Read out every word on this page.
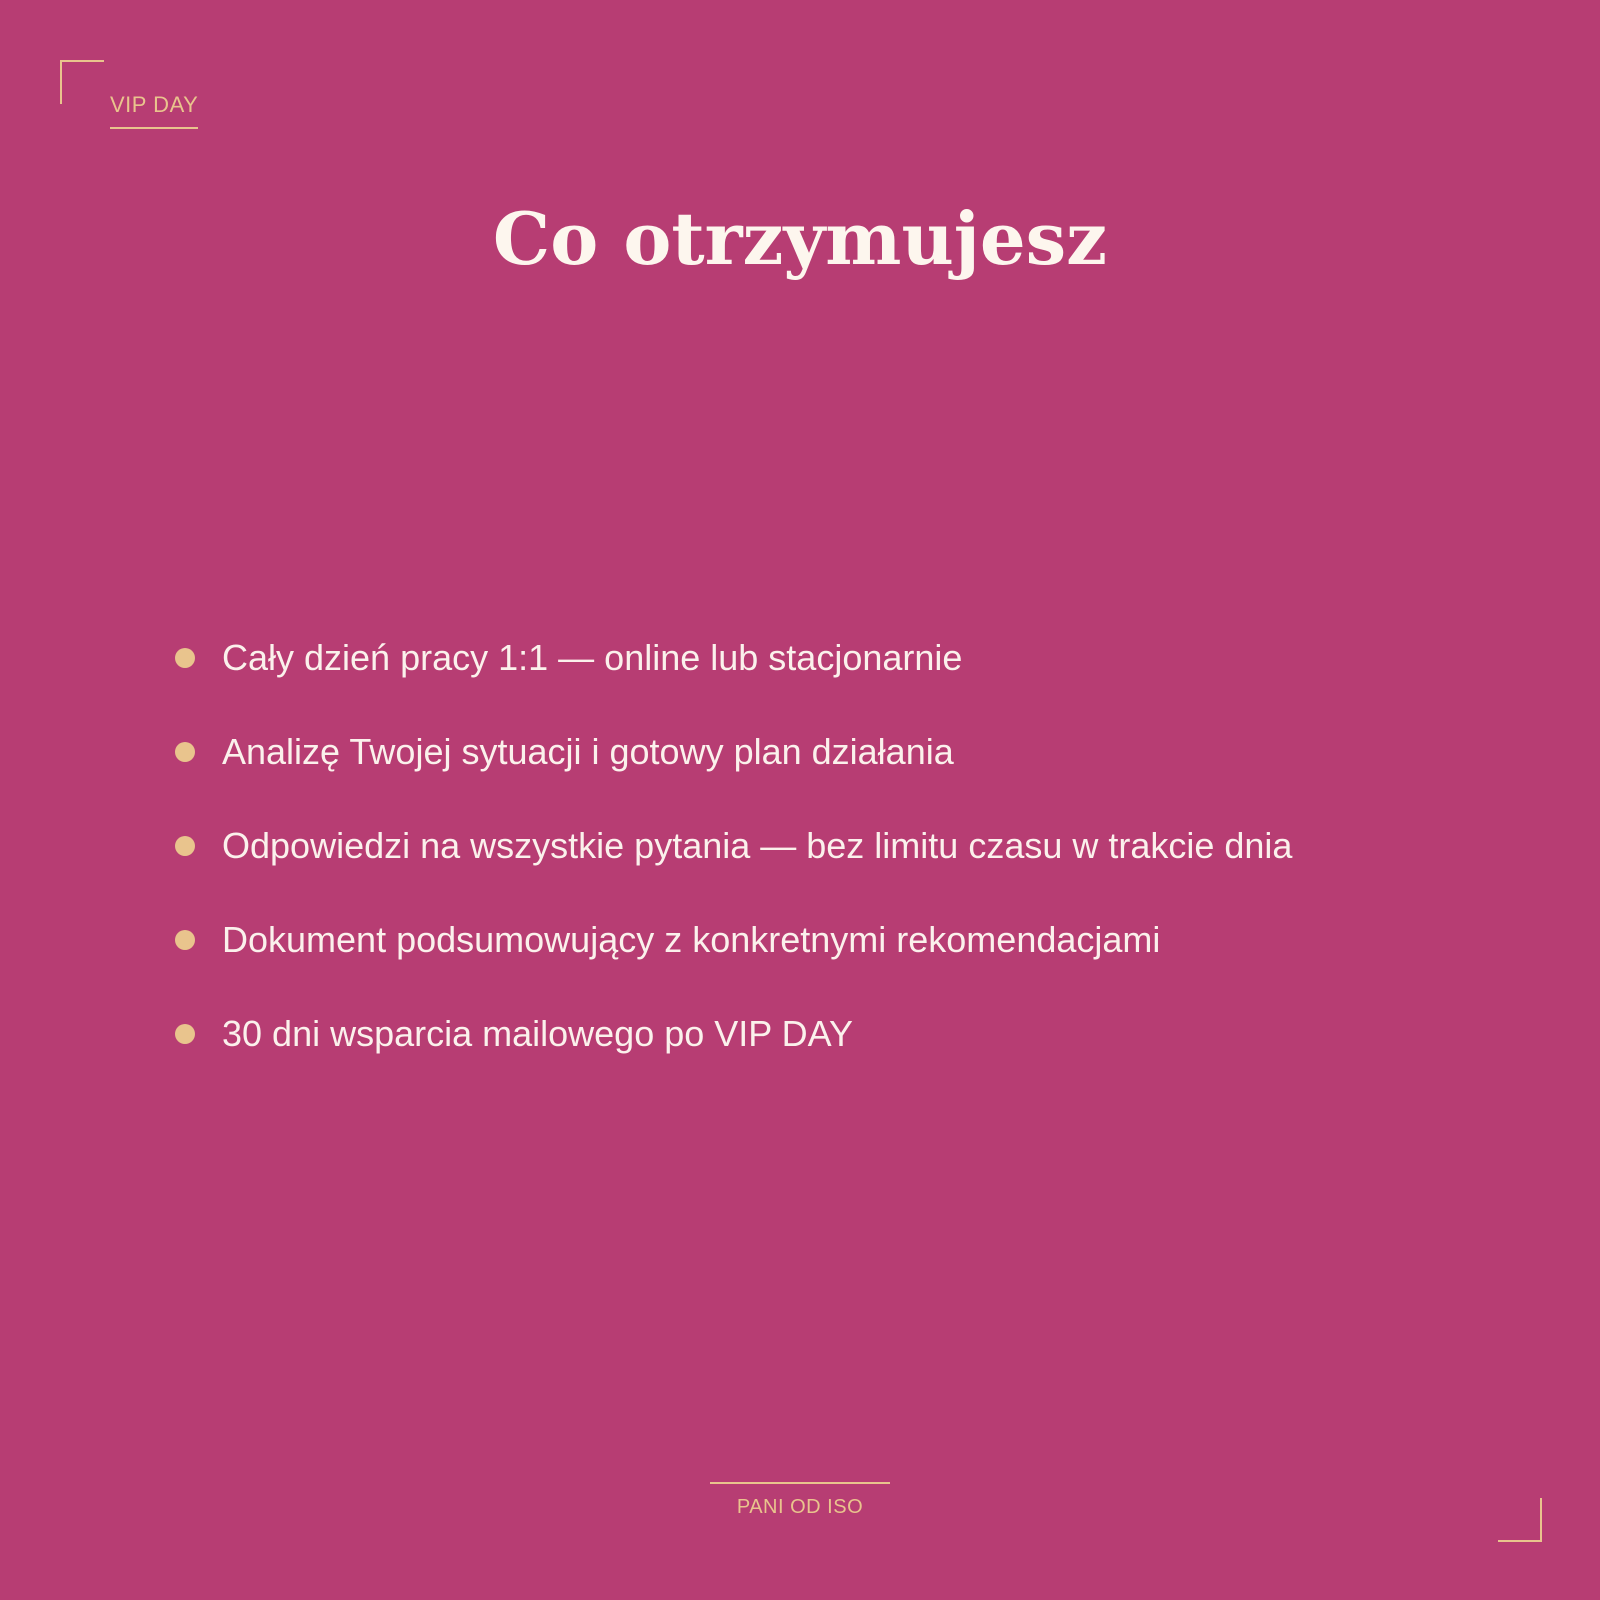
VIP DAY
Co otrzymujesz
Cały dzień pracy 1:1 — online lub stacjonarnie
Analizę Twojej sytuacji i gotowy plan działania
Odpowiedzi na wszystkie pytania — bez limitu czasu w trakcie dnia
Dokument podsumowujący z konkretnymi rekomendacjami
30 dni wsparcia mailowego po VIP DAY
PANI OD ISO
